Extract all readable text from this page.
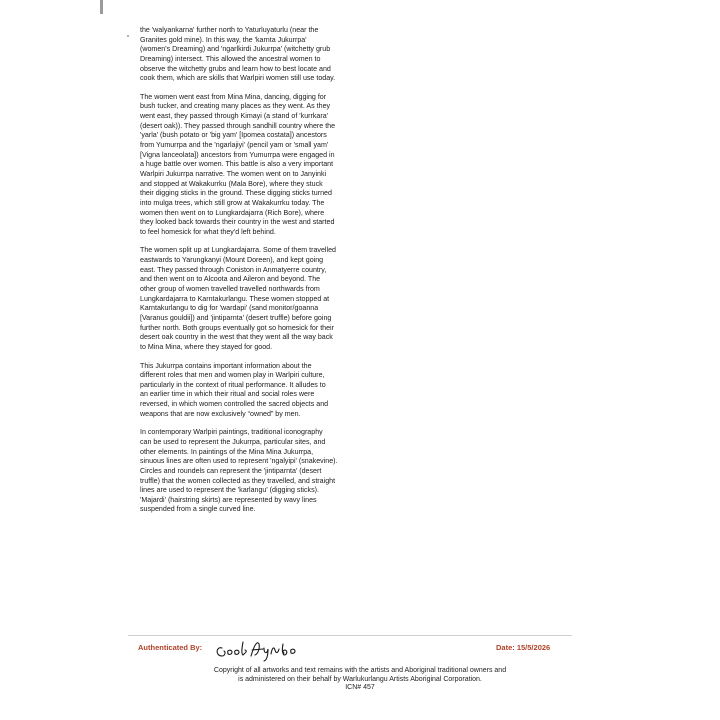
the 'walyankarna' further north to Yaturluyaturlu (near the
Granites gold mine). In this way, the 'karnta Jukurrpa'
(women's Dreaming) and 'ngarlkirdi Jukurrpa' (witchetty grub
Dreaming) intersect. This allowed the ancestral women to
observe the witchetty grubs and learn how to best locate and
cook them, which are skills that Warlpiri women still use today.

The women went east from Mina Mina, dancing, digging for
bush tucker, and creating many places as they went. As they
went east, they passed through Kimayi (a stand of 'kurrkara'
(desert oak)). They passed through sandhill country where the
'yarla' (bush potato or 'big yam' [Ipomea costata]) ancestors
from Yumurrpa and the 'ngarlajiyi' (pencil yam or 'small yam'
[Vigna lanceolata]) ancestors from Yumurrpa were engaged in
a huge battle over women. This battle is also a very important
Warlpiri Jukurrpa narrative. The women went on to Janyinki
and stopped at Wakakurrku (Mala Bore), where they stuck
their digging sticks in the ground. These digging sticks turned
into mulga trees, which still grow at Wakakurrku today. The
women then went on to Lungkardajarra (Rich Bore), where
they looked back towards their country in the west and started
to feel homesick for what they'd left behind.

The women split up at Lungkardajarra. Some of them travelled
eastwards to Yarungkanyi (Mount Doreen), and kept going
east. They passed through Coniston in Anmatyerre country,
and then went on to Alcoota and Aileron and beyond. The
other group of women travelled travelled northwards from
Lungkardajarra to Karntakurlangu. These women stopped at
Karntakurlangu to dig for 'wardapi' (sand monitor/goanna
[Varanus gouldii]) and 'jintiparnta' (desert truffle) before going
further north. Both groups eventually got so homesick for their
desert oak country in the west that they went all the way back
to Mina Mina, where they stayed for good.

This Jukurrpa contains important information about the
different roles that men and women play in Warlpiri culture,
particularly in the context of ritual performance. It alludes to
an earlier time in which their ritual and social roles were
reversed, in which women controlled the sacred objects and
weapons that are now exclusively “owned” by men.

In contemporary Warlpiri paintings, traditional iconography
can be used to represent the Jukurrpa, particular sites, and
other elements. In paintings of the Mina Mina Jukurrpa,
sinuous lines are often used to represent 'ngalyipi' (snakevine).
Circles and roundels can represent the 'jintiparnta' (desert
truffle) that the women collected as they travelled, and straight
lines are used to represent the 'karlangu' (digging sticks).
'Majardi' (hairstring skirts) are represented by wavy lines
suspended from a single curved line.

Authenticated By:	Date: 15/5/2026
Copyright of all artworks and text remains with the artists and Aboriginal traditional owners and
is administered on their behalf by Warlukurlangu Artists Aboriginal Corporation.
ICN# 457
